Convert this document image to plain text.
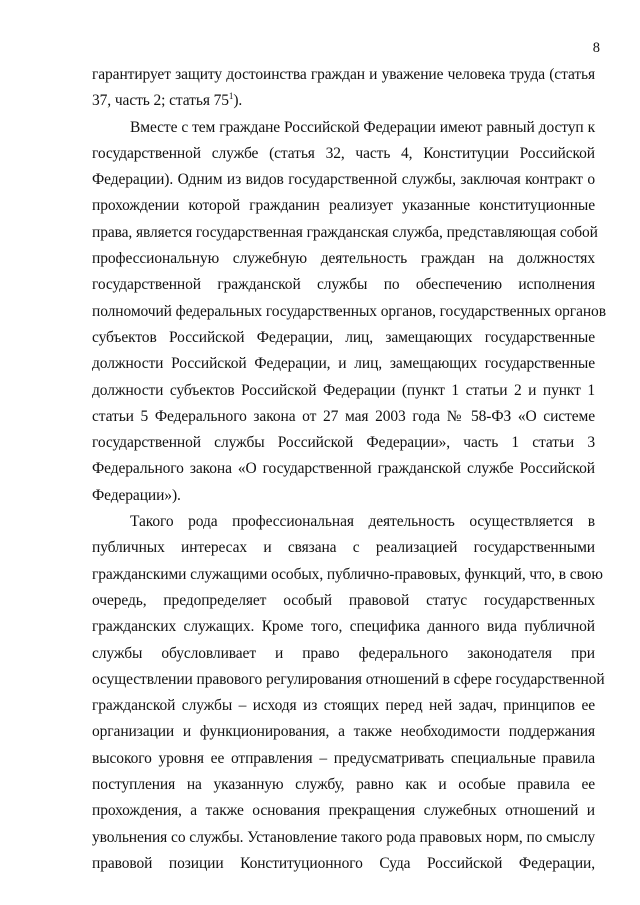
8
гарантирует защиту достоинства граждан и уважение человека труда (статья
37, часть 2; статья $75^1$).
Вместе с тем граждане Российской Федерации имеют равный доступ к
государственной службе (статья 32, часть 4, Конституции Российской
Федерации). Одним из видов государственной службы, заключая контракт о
прохождении которой гражданин реализует указанные конституционные
права, является государственная гражданская служба, представляющая собой
профессиональную служебную деятельность граждан на должностях
государственной гражданской службы по обеспечению исполнения
полномочий федеральных государственных органов, государственных органов
субъектов Российской Федерации, лиц, замещающих государственные
должности Российской Федерации, и лиц, замещающих государственные
должности субъектов Российской Федерации (пункт 1 статьи 2 и пункт 1
статьи 5 Федерального закона от 27 мая 2003 года № 58-ФЗ «О системе
государственной службы Российской Федерации», часть 1 статьи 3
Федерального закона «О государственной гражданской службе Российской
Федерации»).
Такого рода профессиональная деятельность осуществляется в
публичных интересах и связана с реализацией государственными
гражданскими служащими особых, публично-правовых, функций, что, в свою
очередь, предопределяет особый правовой статус государственных
гражданских служащих. Кроме того, специфика данного вида публичной
службы обусловливает и право федерального законодателя при
осуществлении правового регулирования отношений в сфере государственной
гражданской службы – исходя из стоящих перед ней задач, принципов ее
организации и функционирования, а также необходимости поддержания
высокого уровня ее отправления – предусматривать специальные правила
поступления на указанную службу, равно как и особые правила ее
прохождения, а также основания прекращения служебных отношений и
увольнения со службы. Установление такого рода правовых норм, по смыслу
правовой позиции Конституционного Суда Российской Федерации,
